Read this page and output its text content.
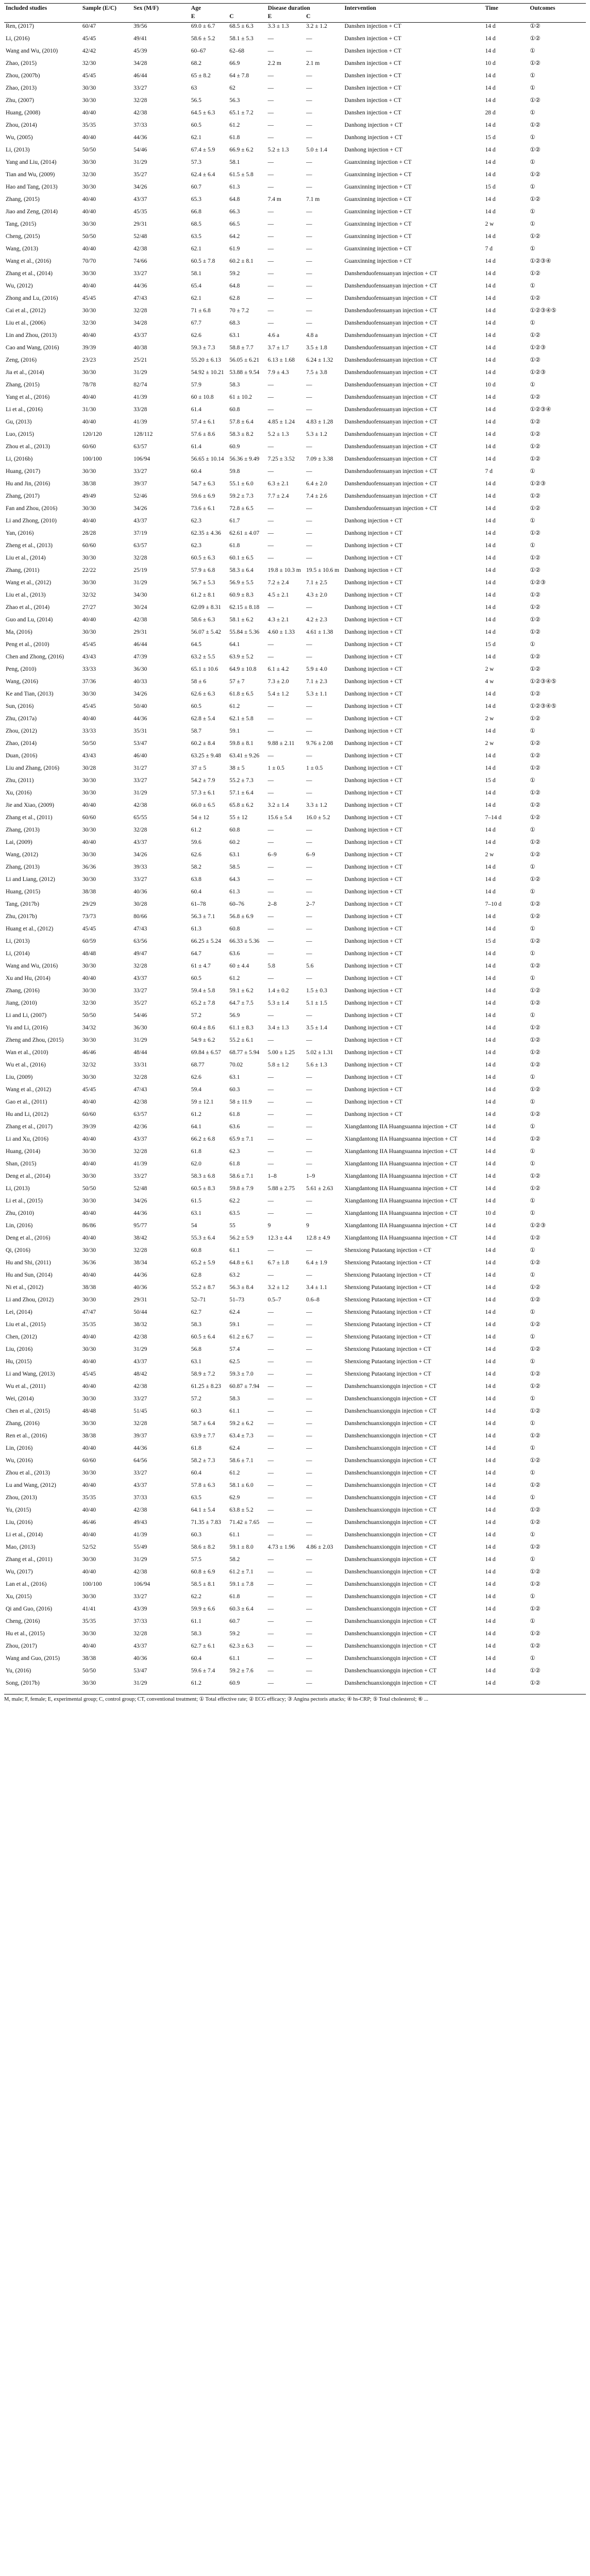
Included studies	Sample (E/C)	Sex (M/F)	Age		Disease duration		Intervention	Time	Outcomes
			E	C	E	C			
Ren, (2017)	60/47	39/56	69.0 ± 6.7	68.5 ± 6.3	3.3 ± 1.3	3.2 ± 1.2	Danshen injection + CT	14 d	①②
Li, (2016)	45/45	49/41	58.6 ± 5.2	58.1 ± 5.3	—	—	Danshen injection + CT	14 d	①②
Wang and Wu, (2010)	42/42	45/39	60–67	62–68	—	—	Danshen injection + CT	14 d	①
Zhao, (2015)	32/30	34/28	68.2	66.9	2.2 m	2.1 m	Danshen injection + CT	10 d	①②
Zhou, (2007b)	45/45	46/44	65 ± 8.2	64 ± 7.8	—	—	Danshen injection + CT	14 d	①
Zhao, (2013)	30/30	33/27	63	62	—	—	Danshen injection + CT	14 d	①
Zhu, (2007)	30/30	32/28	56.5	56.3	—	—	Danshen injection + CT	14 d	①②
Huang, (2008)	40/40	42/38	64.5 ± 6.3	65.1 ± 7.2	—	—	Danshen injection + CT	28 d	①
Zhou, (2014)	35/35	37/33	60.5	61.2	—	—	Danhong injection + CT	14 d	①②
Wu, (2005)	40/40	44/36	62.1	61.8	—	—	Danhong injection + CT	15 d	①
Li, (2013)	50/50	54/46	67.4 ± 5.9	66.9 ± 6.2	5.2 ± 1.3	5.0 ± 1.4	Danhong injection + CT	14 d	①②
Yang and Liu, (2014)	30/30	31/29	57.3	58.1	—	—	Guanxinning injection + CT	14 d	①
Tian and Wu, (2009)	32/30	35/27	62.4 ± 6.4	61.5 ± 5.8	—	—	Guanxinning injection + CT	14 d	①②
Hao and Tang, (2013)	30/30	34/26	60.7	61.3	—	—	Guanxinning injection + CT	15 d	①
Zhang, (2015)	40/40	43/37	65.3	64.8	7.4 m	7.1 m	Guanxinning injection + CT	14 d	①②
Jiao and Zeng, (2014)	40/40	45/35	66.8	66.3	—	—	Guanxinning injection + CT	14 d	①
Tang, (2015)	30/30	29/31	68.5	66.5	—	—	Guanxinning injection + CT	2 w	①
Cheng, (2015)	50/50	52/48	63.5	64.2	—	—	Guanxinning injection + CT	14 d	①②
Wang, (2013)	40/40	42/38	62.1	61.9	—	—	Guanxinning injection + CT	7 d	①
Wang et al., (2016)	70/70	74/66	60.5 ± 7.8	60.2 ± 8.1	—	—	Guanxinning injection + CT	14 d	①②③④
Zhang et al., (2014)	30/30	33/27	58.1	59.2	—	—	Danshenduofensuanyan injection + CT	14 d	①②
Wu, (2012)	40/40	44/36	65.4	64.8	—	—	Danshenduofensuanyan injection + CT	14 d	①
Zhong and Lu, (2016)	45/45	47/43	62.1	62.8	—	—	Danshenduofensuanyan injection + CT	14 d	①②
Cai et al., (2012)	30/30	32/28	71 ± 6.8	70 ± 7.2	—	—	Danshenduofensuanyan injection + CT	14 d	①②③④⑤
Liu et al., (2006)	32/30	34/28	67.7	68.3	—	—	Danshenduofensuanyan injection + CT	14 d	①
Lin and Zhou, (2013)	40/40	43/37	62.6	63.1	4.6 a	4.8 a	Danshenduofensuanyan injection + CT	14 d	①②
Cao and Wang, (2016)	39/39	40/38	59.3 ± 7.3	58.8 ± 7.7	3.7 ± 1.7	3.5 ± 1.8	Danshenduofensuanyan injection + CT	14 d	①②③
Zeng, (2016)	23/23	25/21	55.20 ± 6.13	56.05 ± 6.21	6.13 ± 1.68	6.24 ± 1.32	Danshenduofensuanyan injection + CT	14 d	①②
Jia et al., (2014)	30/30	31/29	54.92 ± 10.21	53.88 ± 9.54	7.9 ± 4.3	7.5 ± 3.8	Danshenduofensuanyan injection + CT	14 d	①②③
Zhang, (2015)	78/78	82/74	57.9	58.3	—	—	Danshenduofensuanyan injection + CT	10 d	①
Yang et al., (2016)	40/40	41/39	60 ± 10.8	61 ± 10.2	—	—	Danshenduofensuanyan injection + CT	14 d	①②
Li et al., (2016)	31/30	33/28	61.4	60.8	—	—	Danshenduofensuanyan injection + CT	14 d	①②③④
Gu, (2013)	40/40	41/39	57.4 ± 6.1	57.8 ± 6.4	4.85 ± 1.24	4.83 ± 1.28	Danshenduofensuanyan injection + CT	14 d	①②
Luo, (2015)	120/120	128/112	57.6 ± 8.6	58.3 ± 8.2	5.2 ± 1.3	5.3 ± 1.2	Danshenduofensuanyan injection + CT	14 d	①②
Zhou et al., (2013)	60/60	63/57	61.4	60.9	—	—	Danshenduofensuanyan injection + CT	14 d	①②
Li, (2016b)	100/100	106/94	56.65 ± 10.14	56.36 ± 9.49	7.25 ± 3.52	7.09 ± 3.38	Danshenduofensuanyan injection + CT	14 d	①②
Huang, (2017)	30/30	33/27	60.4	59.8	—	—	Danshenduofensuanyan injection + CT	7 d	①
Hu and Jin, (2016)	38/38	39/37	54.7 ± 6.3	55.1 ± 6.0	6.3 ± 2.1	6.4 ± 2.0	Danshenduofensuanyan injection + CT	14 d	①②③
Zhang, (2017)	49/49	52/46	59.6 ± 6.9	59.2 ± 7.3	7.7 ± 2.4	7.4 ± 2.6	Danshenduofensuanyan injection + CT	14 d	①②
Fan and Zhou, (2016)	30/30	34/26	73.6 ± 6.1	72.8 ± 6.5	—	—	Danshenduofensuanyan injection + CT	14 d	①②
Li and Zhong, (2010)	40/40	43/37	62.3	61.7	—	—	Danhong injection + CT	14 d	①
Yan, (2016)	28/28	37/19	62.35 ± 4.36	62.61 ± 4.07	—	—	Danhong injection + CT	14 d	①②
Zheng et al., (2013)	60/60	63/57	62.3	61.8	—	—	Danhong injection + CT	14 d	①
Liu et al., (2014)	30/30	32/28	60.5 ± 6.3	60.1 ± 6.5	—	—	Danhong injection + CT	14 d	①②
Zhang, (2011)	22/22	25/19	57.9 ± 6.8	58.3 ± 6.4	19.8 ± 10.3 m	19.5 ± 10.6 m	Danhong injection + CT	14 d	①②
Wang et al., (2012)	30/30	31/29	56.7 ± 5.3	56.9 ± 5.5	7.2 ± 2.4	7.1 ± 2.5	Danhong injection + CT	14 d	①②③
Liu et al., (2013)	32/32	34/30	61.2 ± 8.1	60.9 ± 8.3	4.5 ± 2.1	4.3 ± 2.0	Danhong injection + CT	14 d	①②
Zhao et al., (2014)	27/27	30/24	62.09 ± 8.31	62.15 ± 8.18	—	—	Danhong injection + CT	14 d	①②
Guo and Lu, (2014)	40/40	42/38	58.6 ± 6.3	58.1 ± 6.2	4.3 ± 2.1	4.2 ± 2.3	Danhong injection + CT	14 d	①②
Ma, (2016)	30/30	29/31	56.07 ± 5.42	55.84 ± 5.36	4.60 ± 1.33	4.61 ± 1.38	Danhong injection + CT	14 d	①②
Peng et al., (2010)	45/45	46/44	64.5	64.1	—	—	Danhong injection + CT	15 d	①
Chen and Zhong, (2016)	43/43	47/39	63.2 ± 5.5	63.9 ± 5.2	—	—	Danhong injection + CT	14 d	①②
Peng, (2010)	33/33	36/30	65.1 ± 10.6	64.9 ± 10.8	6.1 ± 4.2	5.9 ± 4.0	Danhong injection + CT	2 w	①②
Wang, (2016)	37/36	40/33	58 ± 6	57 ± 7	7.3 ± 2.0	7.1 ± 2.3	Danhong injection + CT	4 w	①②③④⑤
Ke and Tian, (2013)	30/30	34/26	62.6 ± 6.3	61.8 ± 6.5	5.4 ± 1.2	5.3 ± 1.1	Danhong injection + CT	14 d	①②
Sun, (2016)	45/45	50/40	60.5	61.2	—	—	Danhong injection + CT	14 d	①②③④⑤
Zhu, (2017a)	40/40	44/36	62.8 ± 5.4	62.1 ± 5.8	—	—	Danhong injection + CT	2 w	①②
Zhou, (2012)	33/33	35/31	58.7	59.1	—	—	Danhong injection + CT	14 d	①
Zhao, (2014)	50/50	53/47	60.2 ± 8.4	59.8 ± 8.1	9.88 ± 2.11	9.76 ± 2.08	Danhong injection + CT	2 w	①②
Duan, (2016)	43/43	46/40	63.25 ± 9.48	63.41 ± 9.26	—	—	Danhong injection + CT	14 d	①②
Liu and Zhang, (2016)	30/28	31/27	37 ± 5	38 ± 5	1 ± 0.5	1 ± 0.5	Danhong injection + CT	14 d	①②
Zhu, (2011)	30/30	33/27	54.2 ± 7.9	55.2 ± 7.3	—	—	Danhong injection + CT	15 d	①
Xu, (2016)	30/30	31/29	57.3 ± 6.1	57.1 ± 6.4	—	—	Danhong injection + CT	14 d	①②
Jie and Xiao, (2009)	40/40	42/38	66.0 ± 6.5	65.8 ± 6.2	3.2 ± 1.4	3.3 ± 1.2	Danhong injection + CT	14 d	①②
Zhang et al., (2011)	60/60	65/55	54 ± 12	55 ± 12	15.6 ± 5.4	16.0 ± 5.2	Danhong injection + CT	7–14 d	①②
Zhang, (2013)	30/30	32/28	61.2	60.8	—	—	Danhong injection + CT	14 d	①
Lai, (2009)	40/40	43/37	59.6	60.2	—	—	Danhong injection + CT	14 d	①②
Wang, (2012)	30/30	34/26	62.6	63.1	6–9	6–9	Danhong injection + CT	2 w	①②
Zhang, (2013)	36/36	39/33	58.2	58.5	—	—	Danhong injection + CT	14 d	①
Li and Liang, (2012)	30/30	33/27	63.8	64.3	—	—	Danhong injection + CT	14 d	①②
Huang, (2015)	38/38	40/36	60.4	61.3	—	—	Danhong injection + CT	14 d	①
Tang, (2017b)	29/29	30/28	61–78	60–76	2–8	2–7	Danhong injection + CT	7–10 d	①②
Zhu, (2017b)	73/73	80/66	56.3 ± 7.1	56.8 ± 6.9	—	—	Danhong injection + CT	14 d	①②
Huang et al., (2012)	45/45	47/43	61.3	60.8	—	—	Danhong injection + CT	14 d	①
Li, (2013)	60/59	63/56	66.25 ± 5.24	66.33 ± 5.36	—	—	Danhong injection + CT	15 d	①②
Li, (2014)	48/48	49/47	64.7	63.6	—	—	Danhong injection + CT	14 d	①
Wang and Wu, (2016)	30/30	32/28	61 ± 4.7	60 ± 4.4	5.8	5.6	Danhong injection + CT	14 d	①②
Xu and Hu, (2014)	40/40	43/37	60.5	61.2	—	—	Danhong injection + CT	14 d	①
Zhang, (2016)	30/30	33/27	59.4 ± 5.8	59.1 ± 6.2	1.4 ± 0.2	1.5 ± 0.3	Danhong injection + CT	14 d	①②
Jiang, (2010)	32/30	35/27	65.2 ± 7.8	64.7 ± 7.5	5.3 ± 1.4	5.1 ± 1.5	Danhong injection + CT	14 d	①②
Li and Li, (2007)	50/50	54/46	57.2	56.9	—	—	Danhong injection + CT	14 d	①
Yu and Li, (2016)	34/32	36/30	60.4 ± 8.6	61.1 ± 8.3	3.4 ± 1.3	3.5 ± 1.4	Danhong injection + CT	14 d	①②
Zheng and Zhou, (2015)	30/30	31/29	54.9 ± 6.2	55.2 ± 6.1	—	—	Danhong injection + CT	14 d	①②
Wan et al., (2010)	46/46	48/44	69.84 ± 6.57	68.77 ± 5.94	5.00 ± 1.25	5.02 ± 1.31	Danhong injection + CT	14 d	①②
Wu et al., (2016)	32/32	33/31	68.77	70.02	5.8 ± 1.2	5.6 ± 1.3	Danhong injection + CT	14 d	①②
Liu, (2009)	30/30	32/28	62.6	63.1	—	—	Danhong injection + CT	14 d	①
Wang et al., (2012)	45/45	47/43	59.4	60.3	—	—	Danhong injection + CT	14 d	①②
Gao et al., (2011)	40/40	42/38	59 ± 12.1	58 ± 11.9	—	—	Danhong injection + CT	14 d	①
Hu and Li, (2012)	60/60	63/57	61.2	61.8	—	—	Danhong injection + CT	14 d	①②
Zhang et al., (2017)	39/39	42/36	64.1	63.6	—	—	Xiangdantong IIA Huangsuanna injection + CT	14 d	①
Li and Xu, (2016)	40/40	43/37	66.2 ± 6.8	65.9 ± 7.1	—	—	Xiangdantong IIA Huangsuanna injection + CT	14 d	①②
Huang, (2014)	30/30	32/28	61.8	62.3	—	—	Xiangdantong IIA Huangsuanna injection + CT	14 d	①
Shan, (2015)	40/40	41/39	62.0	61.8	—	—	Xiangdantong IIA Huangsuanna injection + CT	14 d	①
Deng et al., (2014)	30/30	33/27	58.3 ± 6.8	58.6 ± 7.1	1–8	1–9	Xiangdantong IIA Huangsuanna injection + CT	14 d	①②
Li, (2013)	50/50	52/48	60.5 ± 8.3	59.8 ± 7.9	5.88 ± 2.75	5.61 ± 2.63	Xiangdantong IIA Huangsuanna injection + CT	14 d	①②
Li et al., (2015)	30/30	34/26	61.5	62.2	—	—	Xiangdantong IIA Huangsuanna injection + CT	14 d	①
Zhu, (2010)	40/40	44/36	63.1	63.5	—	—	Xiangdantong IIA Huangsuanna injection + CT	10 d	①
Lin, (2016)	86/86	95/77	54	55	9	9	Xiangdantong IIA Huangsuanna injection + CT	14 d	①②③
Deng et al., (2016)	40/40	38/42	55.3 ± 6.4	56.2 ± 5.9	12.3 ± 4.4	12.8 ± 4.9	Xiangdantong IIA Huangsuanna injection + CT	14 d	①②
Qi, (2016)	30/30	32/28	60.8	61.1	—	—	Shenxiong Putaotang injection + CT	14 d	①
Hu and Shi, (2011)	36/36	38/34	65.2 ± 5.9	64.8 ± 6.1	6.7 ± 1.8	6.4 ± 1.9	Shenxiong Putaotang injection + CT	14 d	①②
Hu and Sun, (2014)	40/40	44/36	62.8	63.2	—	—	Shenxiong Putaotang injection + CT	14 d	①
Ni et al., (2012)	38/38	40/36	55.2 ± 8.7	56.3 ± 8.4	3.2 ± 1.2	3.4 ± 1.1	Shenxiong Putaotang injection + CT	14 d	①②
Li and Zhou, (2012)	30/30	29/31	52–71	51–73	0.5–7	0.6–8	Shenxiong Putaotang injection + CT	14 d	①②
Lei, (2014)	47/47	50/44	62.7	62.4	—	—	Shenxiong Putaotang injection + CT	14 d	①
Liu et al., (2015)	35/35	38/32	58.3	59.1	—	—	Shenxiong Putaotang injection + CT	14 d	①②
Chen, (2012)	40/40	42/38	60.5 ± 6.4	61.2 ± 6.7	—	—	Shenxiong Putaotang injection + CT	14 d	①
Liu, (2016)	30/30	31/29	56.8	57.4	—	—	Shenxiong Putaotang injection + CT	14 d	①②
Hu, (2015)	40/40	43/37	63.1	62.5	—	—	Shenxiong Putaotang injection + CT	14 d	①
Li and Wang, (2013)	45/45	48/42	58.9 ± 7.2	59.3 ± 7.0	—	—	Shenxiong Putaotang injection + CT	14 d	①②
Wu et al., (2011)	40/40	42/38	61.25 ± 8.23	60.87 ± 7.94	—	—	Danshenchuanxiongqin injection + CT	14 d	①②
Wei, (2014)	30/30	33/27	57.2	58.3	—	—	Danshenchuanxiongqin injection + CT	14 d	①
Chen et al., (2015)	48/48	51/45	60.3	61.1	—	—	Danshenchuanxiongqin injection + CT	14 d	①②
Zhang, (2016)	30/30	32/28	58.7 ± 6.4	59.2 ± 6.2	—	—	Danshenchuanxiongqin injection + CT	14 d	①
Ren et al., (2016)	38/38	39/37	63.9 ± 7.7	63.4 ± 7.3	—	—	Danshenchuanxiongqin injection + CT	14 d	①②
Lin, (2016)	40/40	44/36	61.8	62.4	—	—	Danshenchuanxiongqin injection + CT	14 d	①
Wu, (2016)	60/60	64/56	58.2 ± 7.3	58.6 ± 7.1	—	—	Danshenchuanxiongqin injection + CT	14 d	①②
Zhou et al., (2013)	30/30	33/27	60.4	61.2	—	—	Danshenchuanxiongqin injection + CT	14 d	①
Lu and Wang, (2012)	40/40	43/37	57.8 ± 6.3	58.1 ± 6.0	—	—	Danshenchuanxiongqin injection + CT	14 d	①②
Zhou, (2013)	35/35	37/33	63.5	62.9	—	—	Danshenchuanxiongqin injection + CT	14 d	①
Yu, (2015)	40/40	42/38	64.1 ± 5.4	63.8 ± 5.2	—	—	Danshenchuanxiongqin injection + CT	14 d	①②
Liu, (2016)	46/46	49/43	71.35 ± 7.83	71.42 ± 7.65	—	—	Danshenchuanxiongqin injection + CT	14 d	①②
Li et al., (2014)	40/40	41/39	60.3	61.1	—	—	Danshenchuanxiongqin injection + CT	14 d	①
Mao, (2013)	52/52	55/49	58.6 ± 8.2	59.1 ± 8.0	4.73 ± 1.96	4.86 ± 2.03	Danshenchuanxiongqin injection + CT	14 d	①②
Zhang et al., (2011)	30/30	31/29	57.5	58.2	—	—	Danshenchuanxiongqin injection + CT	14 d	①
Wu, (2017)	40/40	42/38	60.8 ± 6.9	61.2 ± 7.1	—	—	Danshenchuanxiongqin injection + CT	14 d	①②
Lan et al., (2016)	100/100	106/94	58.5 ± 8.1	59.1 ± 7.8	—	—	Danshenchuanxiongqin injection + CT	14 d	①②
Xu, (2015)	30/30	33/27	62.2	61.8	—	—	Danshenchuanxiongqin injection + CT	14 d	①
Qi and Guo, (2016)	41/41	43/39	59.9 ± 6.6	60.3 ± 6.4	—	—	Danshenchuanxiongqin injection + CT	14 d	①②
Cheng, (2016)	35/35	37/33	61.1	60.7	—	—	Danshenchuanxiongqin injection + CT	14 d	①
Hu et al., (2015)	30/30	32/28	58.3	59.2	—	—	Danshenchuanxiongqin injection + CT	14 d	①②
Zhou, (2017)	40/40	43/37	62.7 ± 6.1	62.3 ± 6.3	—	—	Danshenchuanxiongqin injection + CT	14 d	①②
Wang and Guo, (2015)	38/38	40/36	60.4	61.1	—	—	Danshenchuanxiongqin injection + CT	14 d	①
Yu, (2016)	50/50	53/47	59.6 ± 7.4	59.2 ± 7.6	—	—	Danshenchuanxiongqin injection + CT	14 d	①②
Song, (2017b)	30/30	31/29	61.2	60.9	—	—	Danshenchuanxiongqin injection + CT	14 d	①②
M, male; F, female; E, experimental group; C, control group; CT, conventional treatment; ① Total effective rate; ② ECG efficacy; ③ Angina pectoris attacks; ④ hs-CRP; ⑤ Total cholesterol; ⑥ ...
